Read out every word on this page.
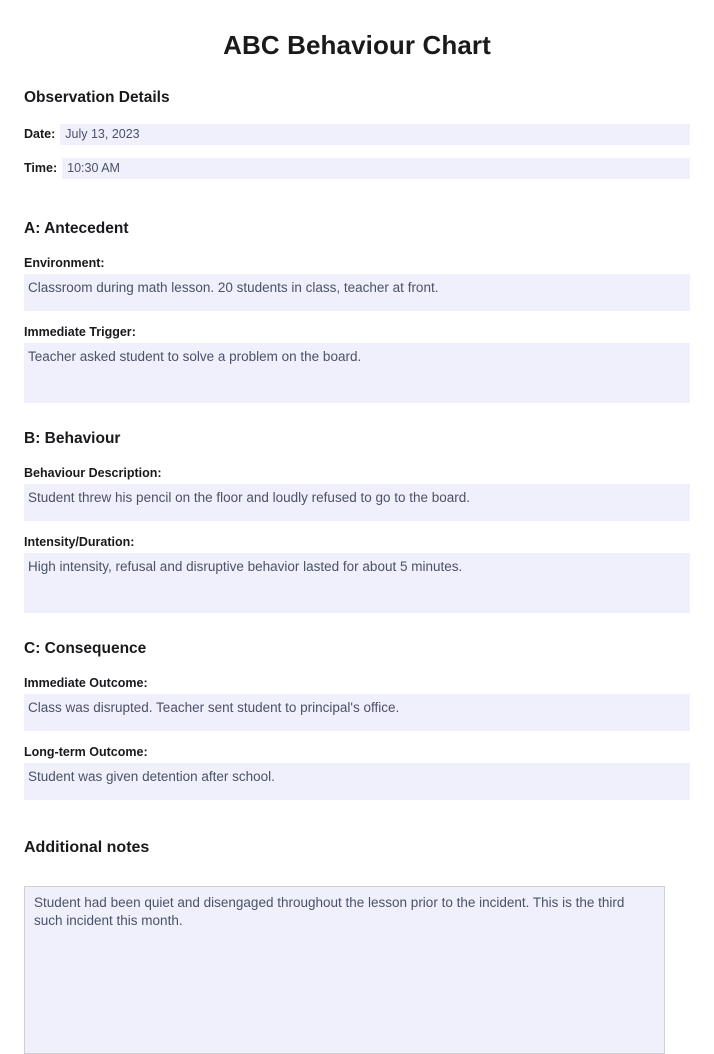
ABC Behaviour Chart
Observation Details
Date: July 13, 2023
Time: 10:30 AM
A: Antecedent
Environment:
Classroom during math lesson. 20 students in class, teacher at front.
Immediate Trigger:
Teacher asked student to solve a problem on the board.
B: Behaviour
Behaviour Description:
Student threw his pencil on the floor and loudly refused to go to the board.
Intensity/Duration:
High intensity, refusal and disruptive behavior lasted for about 5 minutes.
C: Consequence
Immediate Outcome:
Class was disrupted. Teacher sent student to principal's office.
Long-term Outcome:
Student was given detention after school.
Additional notes
Student had been quiet and disengaged throughout the lesson prior to the incident. This is the third such incident this month.
